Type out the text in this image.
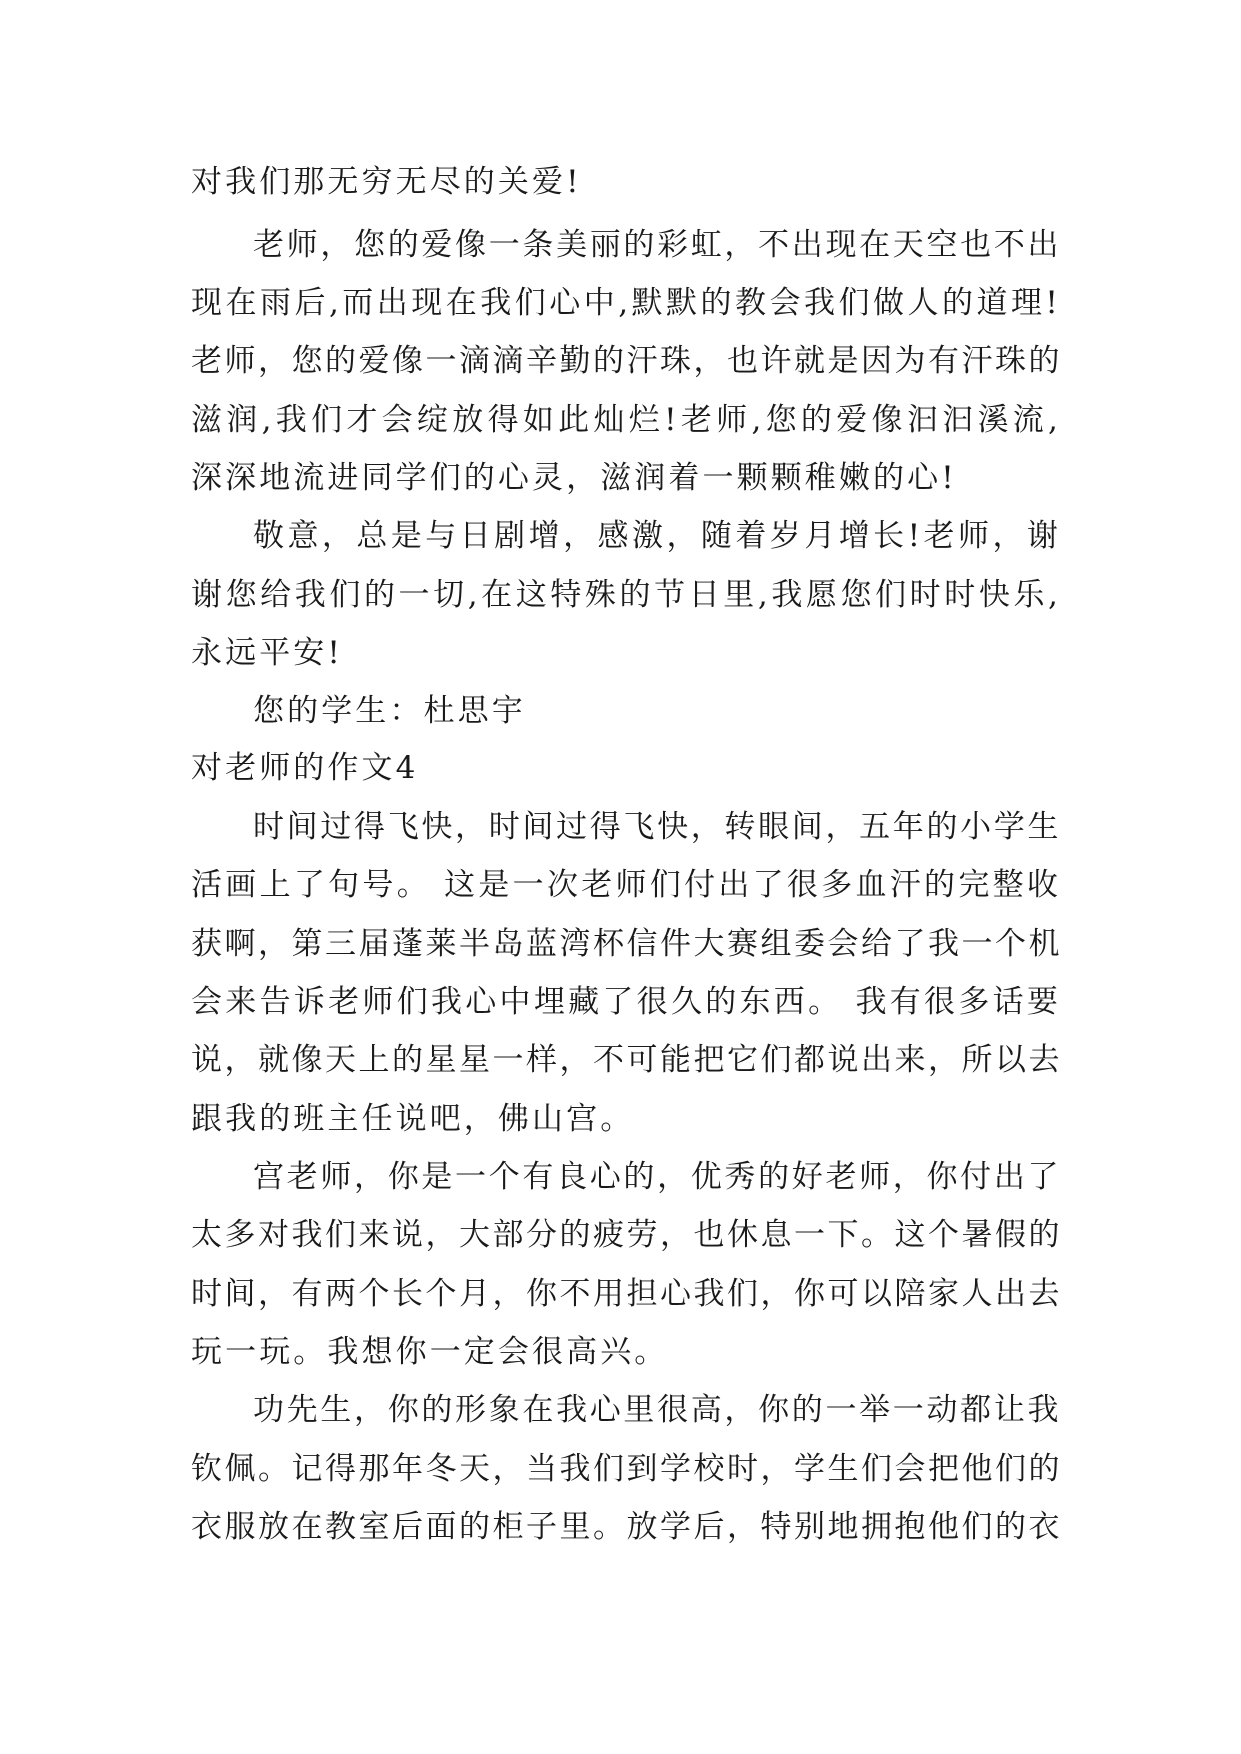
对我们那无穷无尽的关爱!
老师，您的爱像一条美丽的彩虹，不出现在天空也不出
现在雨后,而出现在我们心中,默默的教会我们做人的道理!
老师，您的爱像一滴滴辛勤的汗珠，也许就是因为有汗珠的
滋润,我们才会绽放得如此灿烂!老师,您的爱像汩汩溪流,
深深地流进同学们的心灵，滋润着一颗颗稚嫩的心!
敬意，总是与日剧增，感激，随着岁月增长!老师，谢
谢您给我们的一切,在这特殊的节日里,我愿您们时时快乐,
永远平安!
您的学生：杜思宇
对老师的作文4
时间过得飞快，时间过得飞快，转眼间，五年的小学生
活画上了句号。 这是一次老师们付出了很多血汗的完整收
获啊，第三届蓬莱半岛蓝湾杯信件大赛组委会给了我一个机
会来告诉老师们我心中埋藏了很久的东西。 我有很多话要
说，就像天上的星星一样，不可能把它们都说出来，所以去
跟我的班主任说吧，佛山宫。
宫老师，你是一个有良心的，优秀的好老师，你付出了
太多对我们来说，大部分的疲劳，也休息一下。这个暑假的
时间，有两个长个月，你不用担心我们，你可以陪家人出去
玩一玩。我想你一定会很高兴。
功先生，你的形象在我心里很高，你的一举一动都让我
钦佩。记得那年冬天，当我们到学校时，学生们会把他们的
衣服放在教室后面的柜子里。放学后，特别地拥抱他们的衣
